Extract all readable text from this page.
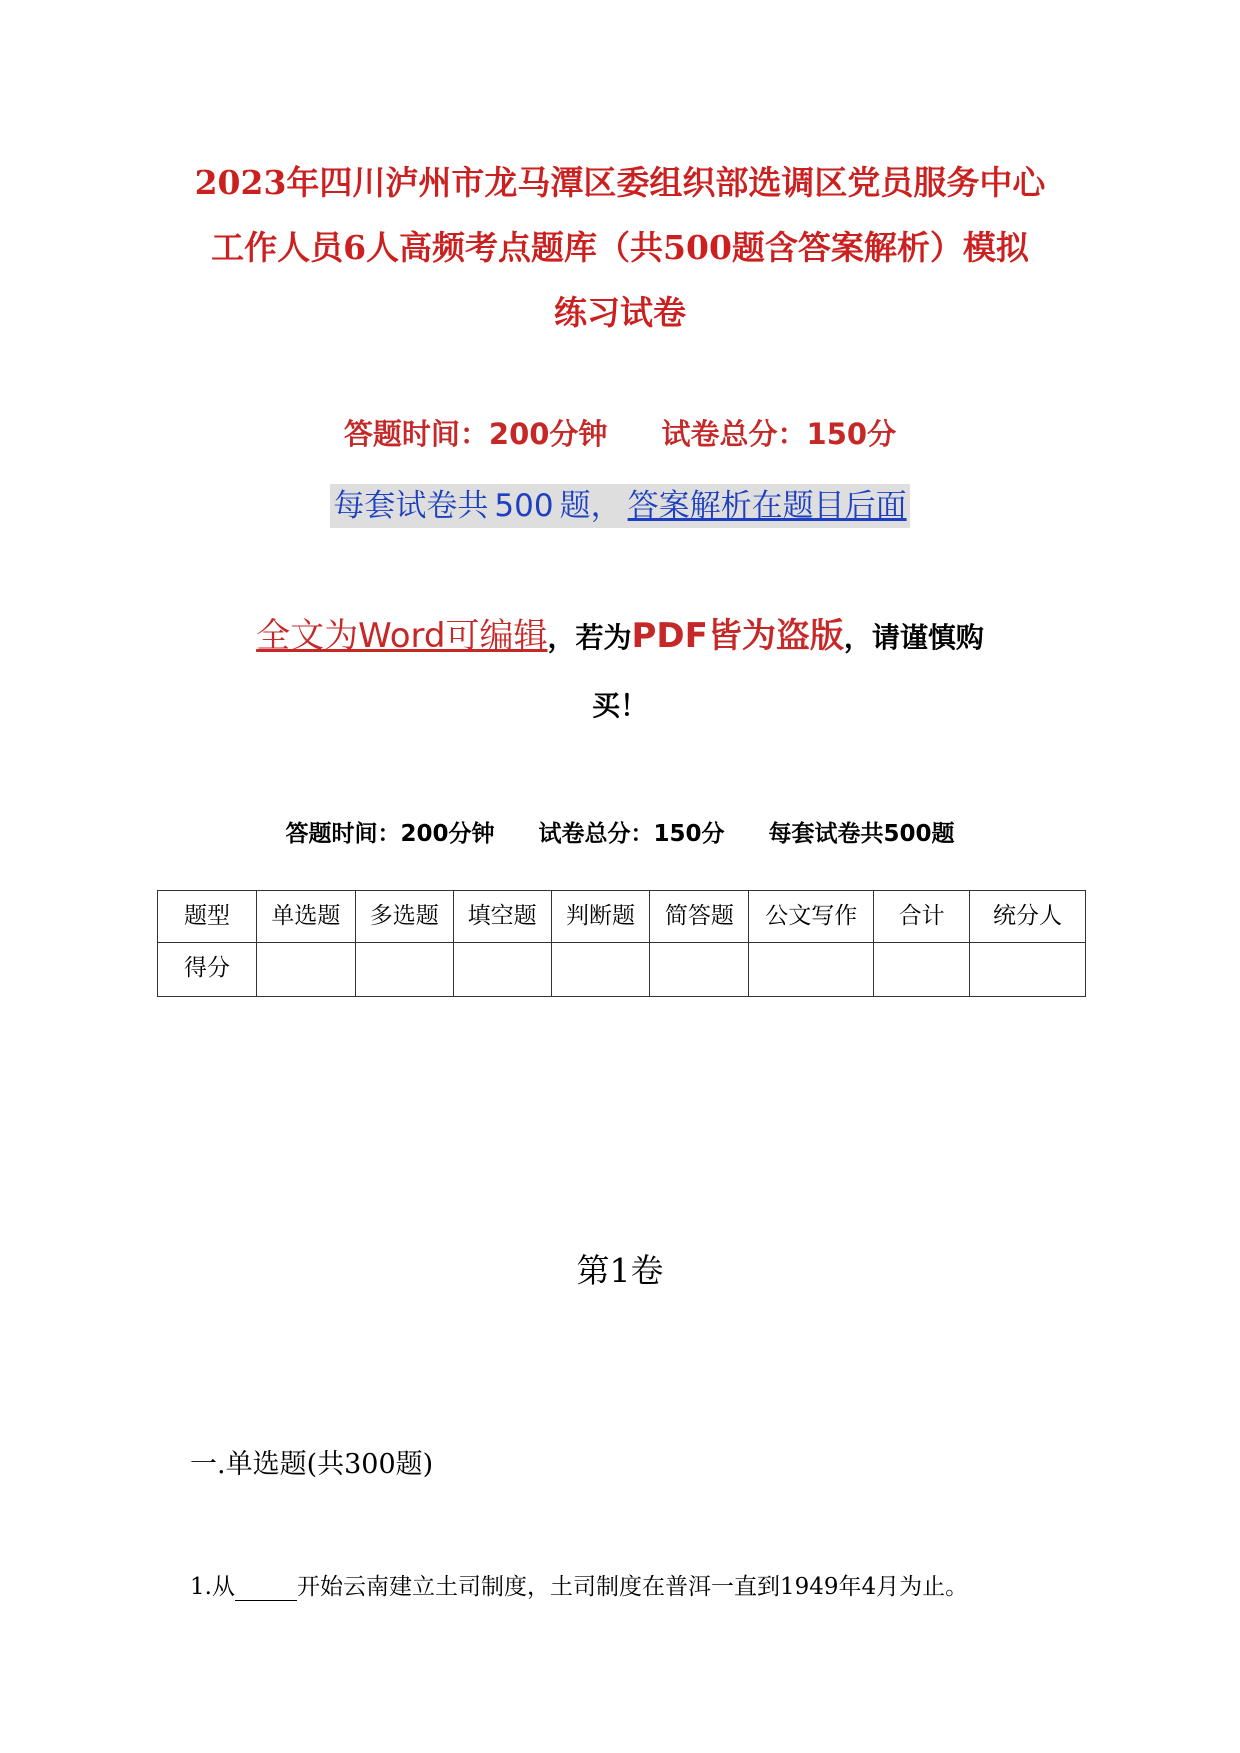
2023年四川泸州市龙马潭区委组织部选调区党员服务中心
工作人员6人高频考点题库（共500题含答案解析）模拟
练习试卷
答题时间：200分钟 试卷总分：150分
每套试卷共 500 题， 答案解析在题目后面
全文为Word可编辑，若为PDF皆为盗版，请谨慎购
买！
答题时间：200分钟 试卷总分：150分 每套试卷共500题
题型	单选题	多选题	填空题	判断题	简答题	公文写作	合计	统分人
得分								
第1卷
一.单选题(共300题)
1.从	开始云南建立土司制度，土司制度在普洱一直到1949年4月为止。
